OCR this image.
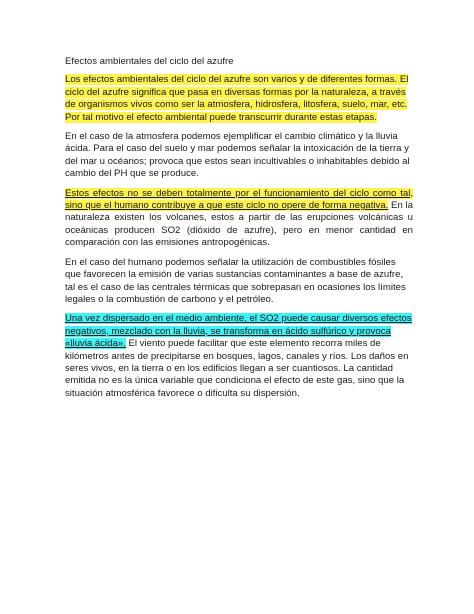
Efectos ambientales del ciclo del azufre

Los efectos ambientales del ciclo del azufre son varios y de diferentes formas. El ciclo del azufre significa que pasa en diversas formas por la naturaleza, a través de organismos vivos como ser la atmosfera, hidrosfera, litosfera, suelo, mar, etc. Por tal motivo el efecto ambiental puede transcurrir durante estas etapas.

En el caso de la atmosfera podemos ejemplificar el cambio climático y la lluvia ácida. Para el caso del suelo y mar podemos señalar la intoxicación de la tierra y del mar u océanos; provoca que estos sean incultivables o inhabitables debido al cambio del PH que se produce.

Estos efectos no se deben totalmente por el funcionamiento del ciclo como tal, sino que el humano contribuye a que este ciclo no opere de forma negativa. En la naturaleza existen los volcanes, estos a partir de las erupciones volcánicas u oceánicas producen SO2 (dióxido de azufre), pero en menor cantidad en comparación con las emisiones antropogénicas.

En el caso del humano podemos señalar la utilización de combustibles fósiles que favorecen la emisión de varias sustancias contaminantes a base de azufre, tal es el caso de las centrales térmicas que sobrepasan en ocasiones los límites legales o la combustión de carbono y el petróleo.

Una vez dispersado en el medio ambiente, el SO2 puede causar diversos efectos negativos, mezclado con la lluvia, se transforma en ácido sulfúrico y provoca «lluvia ácida». El viento puede facilitar que este elemento recorra miles de kilómetros antes de precipitarse en bosques, lagos, canales y ríos. Los daños en seres vivos, en la tierra o en los edificios llegan a ser cuantiosos. La cantidad emitida no es la única variable que condiciona el efecto de este gas, sino que la situación atmosférica favorece o dificulta su dispersión.
